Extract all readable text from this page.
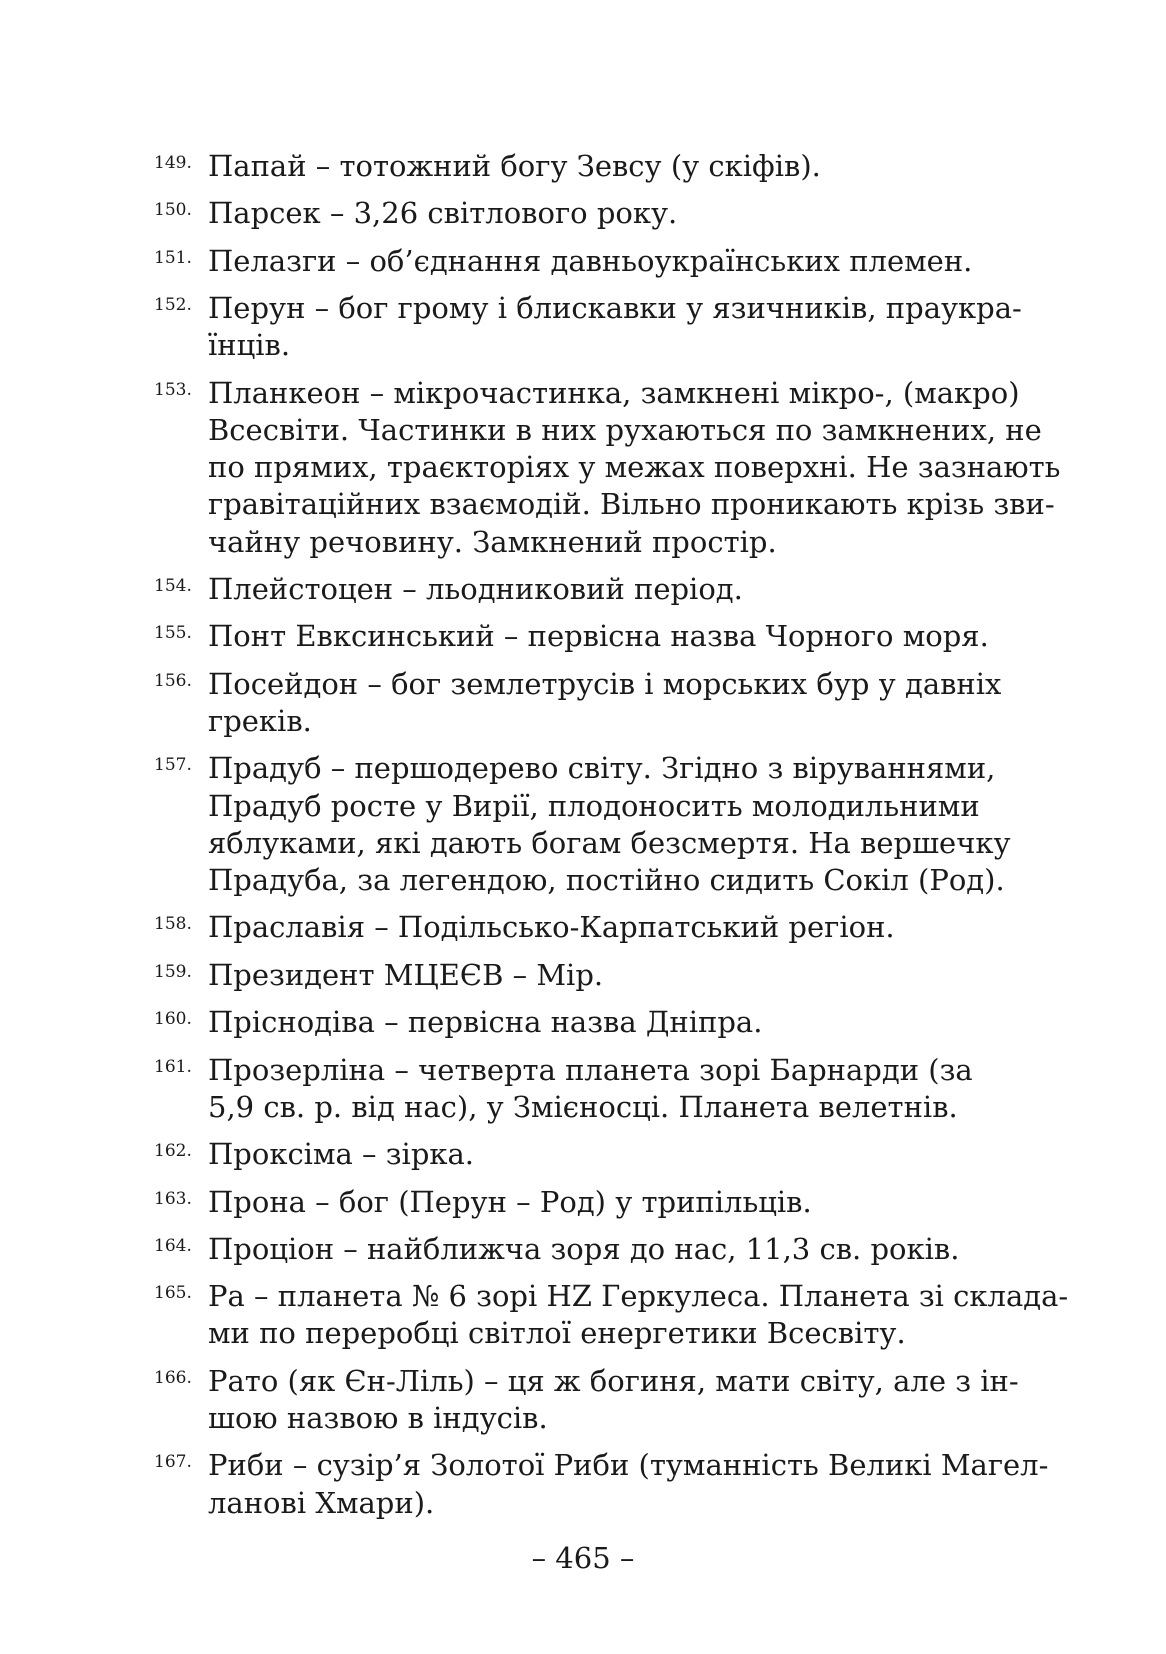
149. Папай – тотожний богу Зевсу (у скіфів).
150. Парсек – 3,26 світлового року.
151. Пелазги – об’єднання давньоукраїнських племен.
152. Перун – бог грому і блискавки у язичників, праукра-
їнців.
153. Планкеон – мікрочастинка, замкнені мікро-, (макро)
Всесвіти. Частинки в них рухаються по замкнених, не
по прямих, траєкторіях у межах поверхні. Не зазнають
гравітаційних взаємодій. Вільно проникають крізь зви-
чайну речовину. Замкнений простір.
154. Плейстоцен – льодниковий період.
155. Понт Евксинський – первісна назва Чорного моря.
156. Посейдон – бог землетрусів і морських бур у давніх
греків.
157. Прадуб – першодерево світу. Згідно з віруваннями,
Прадуб росте у Вирії, плодоносить молодильними
яблуками, які дають богам безсмертя. На вершечку
Прадуба, за легендою, постійно сидить Сокіл (Род).
158. Праславія – Подільсько-Карпатський регіон.
159. Президент МЦЕЄВ – Мір.
160. Пріснодіва – первісна назва Дніпра.
161. Прозерліна – четверта планета зорі Барнарди (за
5,9 св. р. від нас), у Змієносці. Планета велетнів.
162. Проксіма – зірка.
163. Прона – бог (Перун – Род) у трипільців.
164. Проціон – найближча зоря до нас, 11,3 св. років.
165. Ра – планета № 6 зорі HZ Геркулеса. Планета зі склада-
ми по переробці світлої енергетики Всесвіту.
166. Рато (як Єн-Ліль) – ця ж богиня, мати світу, але з ін-
шою назвою в індусів.
167. Риби – сузір’я Золотої Риби (туманність Великі Магел-
ланові Хмари).
– 465 –
